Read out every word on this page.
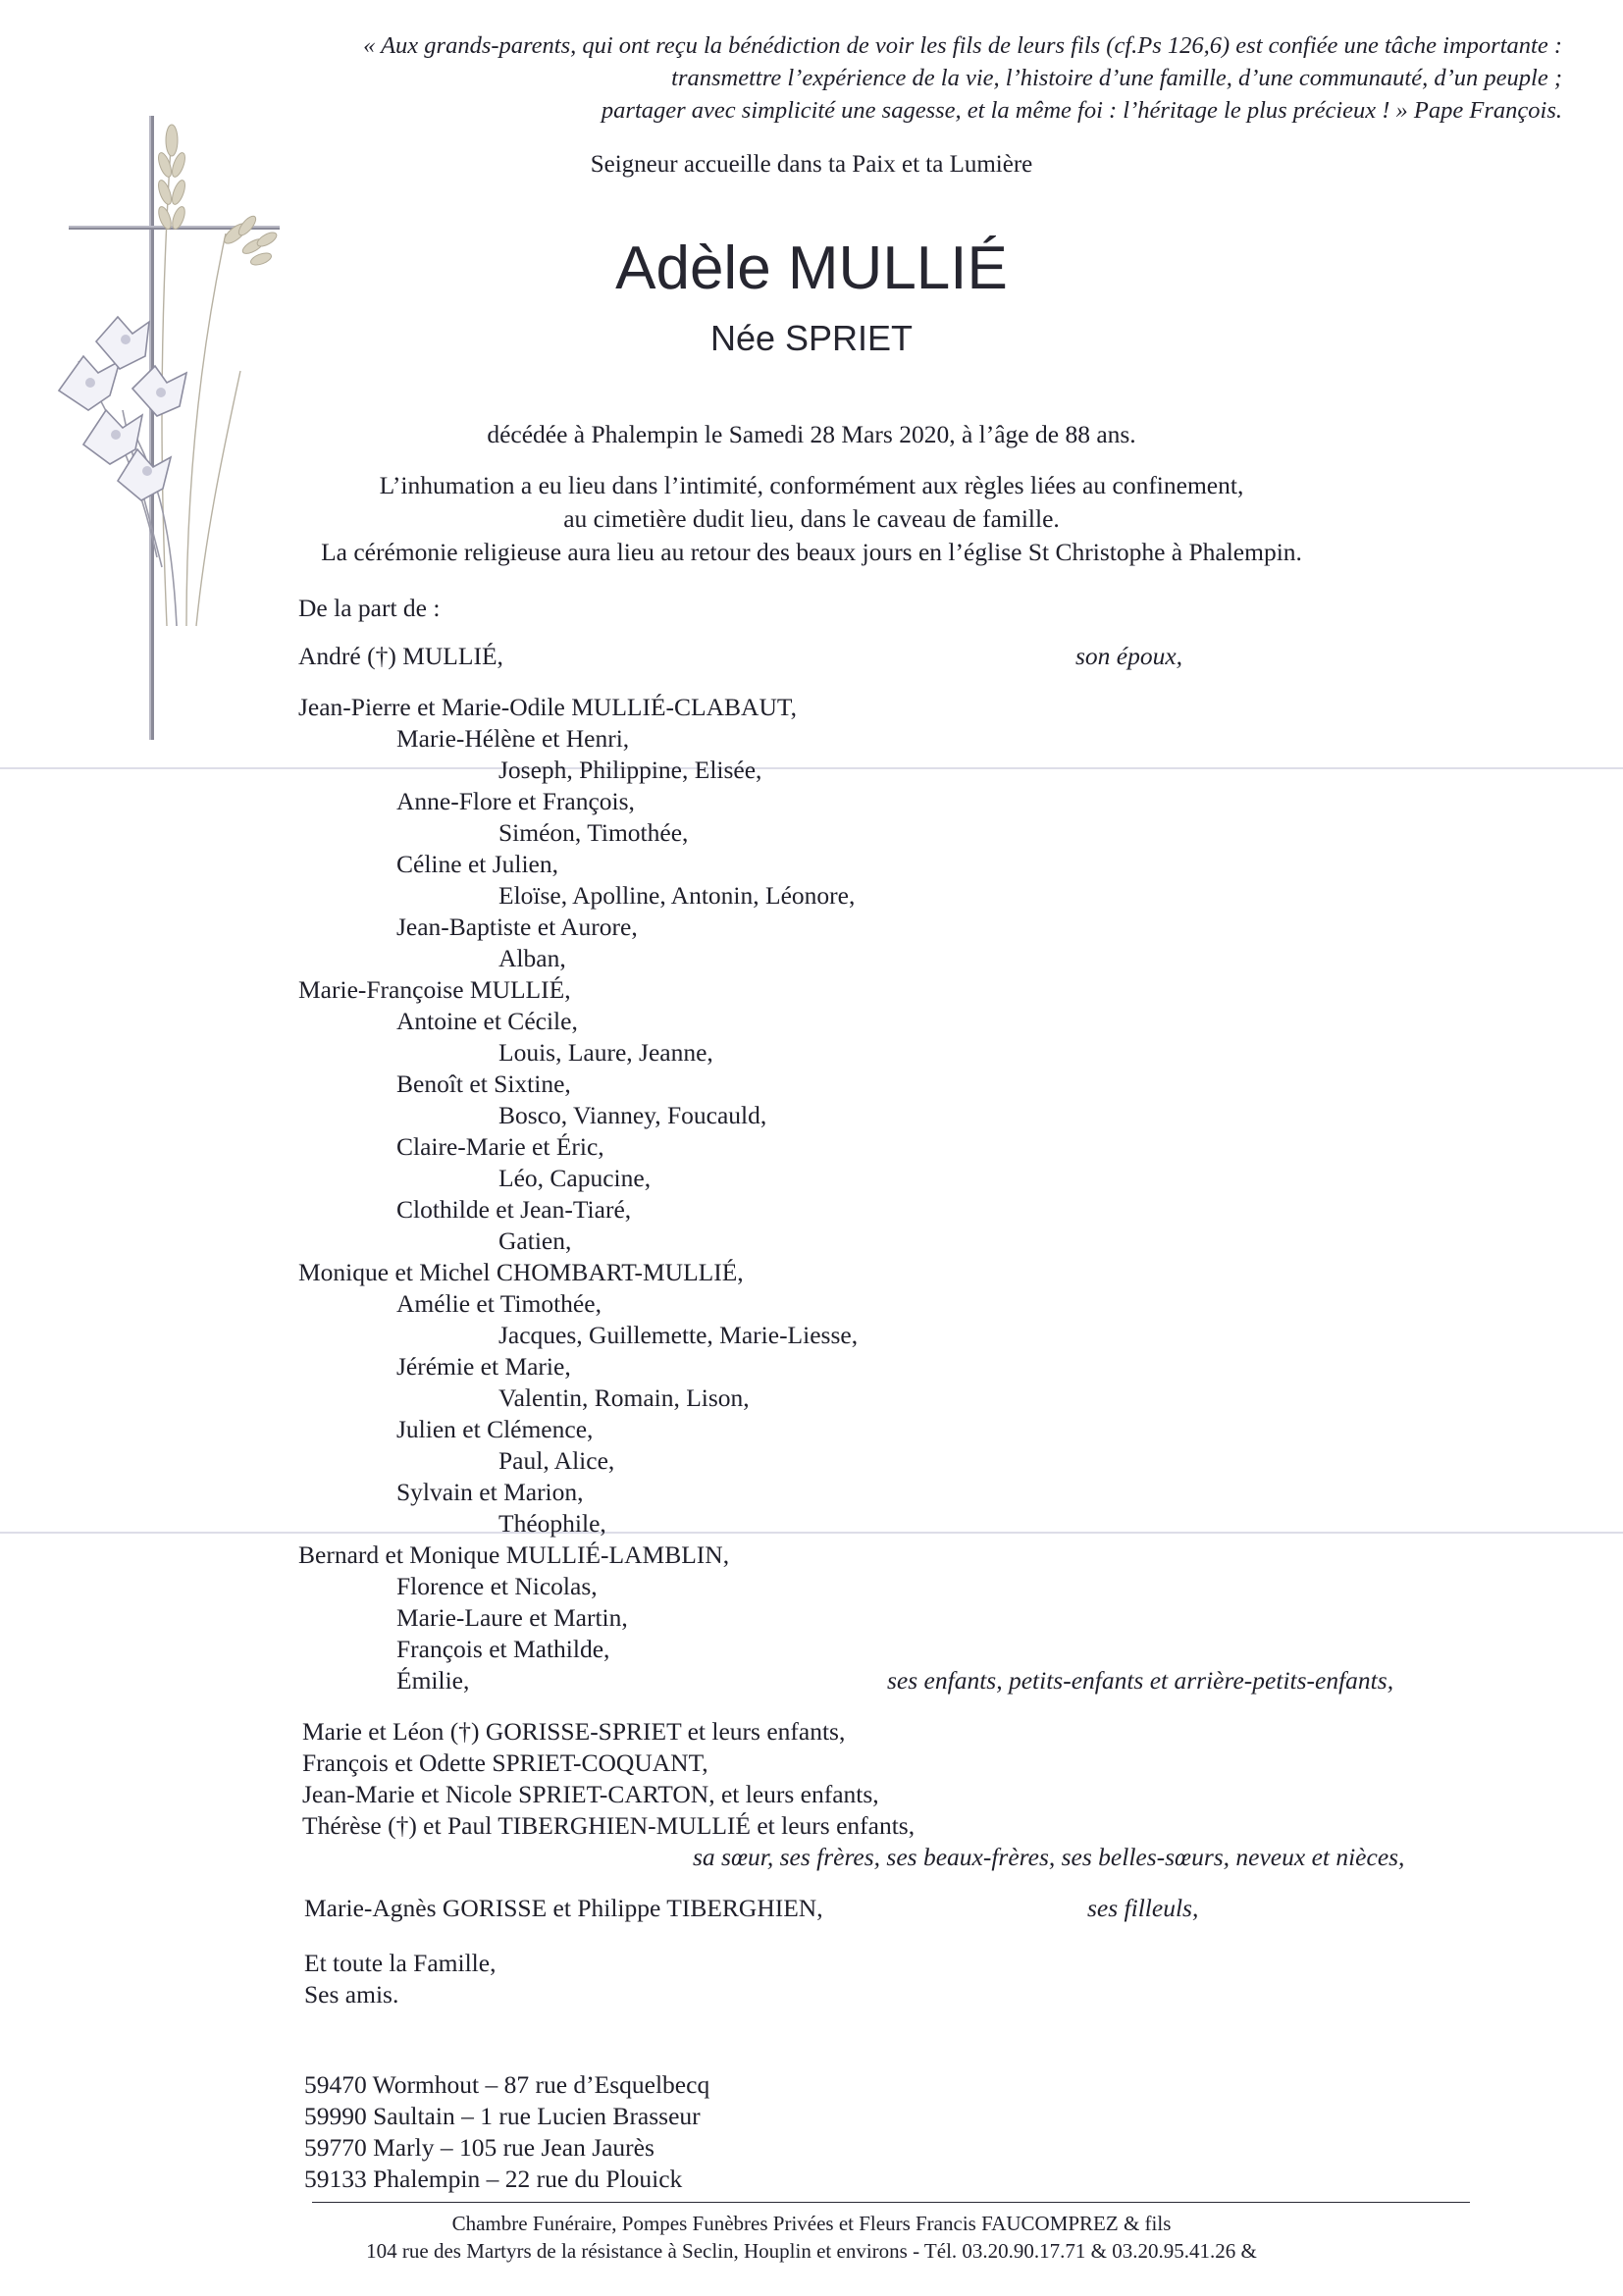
« Aux grands-parents, qui ont reçu la bénédiction de voir les fils de leurs fils (cf.Ps 126,6) est confiée une tâche importante :
transmettre l’expérience de la vie, l’histoire d’une famille, d’une communauté, d’un peuple ;
partager avec simplicité une sagesse, et la même foi : l’héritage le plus précieux ! » Pape François.
Seigneur accueille dans ta Paix et ta Lumière
Adèle MULLIÉ
Née SPRIET
décédée à Phalempin le Samedi 28 Mars 2020, à l’âge de 88 ans.
L’inhumation a eu lieu dans l’intimité, conformément aux règles liées au confinement,
au cimetière dudit lieu, dans le caveau de famille.
La cérémonie religieuse aura lieu au retour des beaux jours en l’église St Christophe à Phalempin.
De la part de :
André (†) MULLIÉ,	son époux,
Jean-Pierre et Marie-Odile MULLIÉ-CLABAUT,
Marie-Hélène et Henri,
Joseph, Philippine, Elisée,
Anne-Flore et François,
Siméon, Timothée,
Céline et Julien,
Eloïse, Apolline, Antonin, Léonore,
Jean-Baptiste et Aurore,
Alban,
Marie-Françoise MULLIÉ,
Antoine et Cécile,
Louis, Laure, Jeanne,
Benoît et Sixtine,
Bosco, Vianney, Foucauld,
Claire-Marie et Éric,
Léo, Capucine,
Clothilde et Jean-Tiaré,
Gatien,
Monique et Michel CHOMBART-MULLIÉ,
Amélie et Timothée,
Jacques, Guillemette, Marie-Liesse,
Jérémie et Marie,
Valentin, Romain, Lison,
Julien et Clémence,
Paul, Alice,
Sylvain et Marion,
Théophile,
Bernard et Monique MULLIÉ-LAMBLIN,
Florence et Nicolas,
Marie-Laure et Martin,
François et Mathilde,
Émilie,	ses enfants, petits-enfants et arrière-petits-enfants,
Marie et Léon (†) GORISSE-SPRIET et leurs enfants,
François et Odette SPRIET-COQUANT,
Jean-Marie et Nicole SPRIET-CARTON, et leurs enfants,
Thérèse (†) et Paul TIBERGHIEN-MULLIÉ et leurs enfants,
sa sœur, ses frères, ses beaux-frères, ses belles-sœurs, neveux et nièces,
Marie-Agnès GORISSE et Philippe TIBERGHIEN,	ses filleuls,
Et toute la Famille,
Ses amis.
59470 Wormhout – 87 rue d’Esquelbecq
59990 Saultain – 1 rue Lucien Brasseur
59770 Marly – 105 rue Jean Jaurès
59133 Phalempin – 22 rue du Plouick
Chambre Funéraire, Pompes Funèbres Privées et Fleurs Francis FAUCOMPREZ & fils
104 rue des Martyrs de la résistance à Seclin, Houplin et environs - Tél. 03.20.90.17.71 & 03.20.95.41.26 &
